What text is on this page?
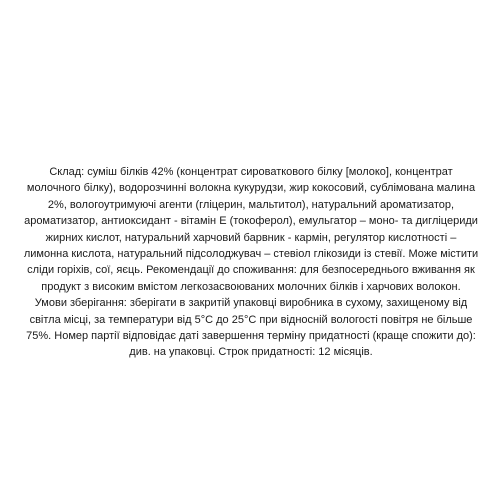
Склад: суміш білків 42% (концентрат сироваткового білку [молоко], концентрат
молочного білку), водорозчинні волокна кукурудзи, жир кокосовий, сублімована малина
2%, вологоутримуючі агенти (гліцерин, мальтитол), натуральний ароматизатор,
ароматизатор, антиоксидант - вітамін Е (токоферол), емульгатор – моно- та дигліцериди
жирних кислот, натуральний харчовий барвник - кармін, регулятор кислотності –
лимонна кислота, натуральний підсолоджувач – стевіол глікозиди із стевії. Може містити
сліди горіхів, сої, яєць. Рекомендації до споживання: для безпосереднього вживання як
продукт з високим вмістом легкозасвоюваних молочних білків і харчових волокон.
Умови зберігання: зберігати в закритій упаковці виробника в сухому, захищеному від
світла місці, за температури від 5°С до 25°С при відносній вологості повітря не більше
75%. Номер партії відповідає даті завершення терміну придатності (краще спожити до):
див. на упаковці. Строк придатності: 12 місяців.
